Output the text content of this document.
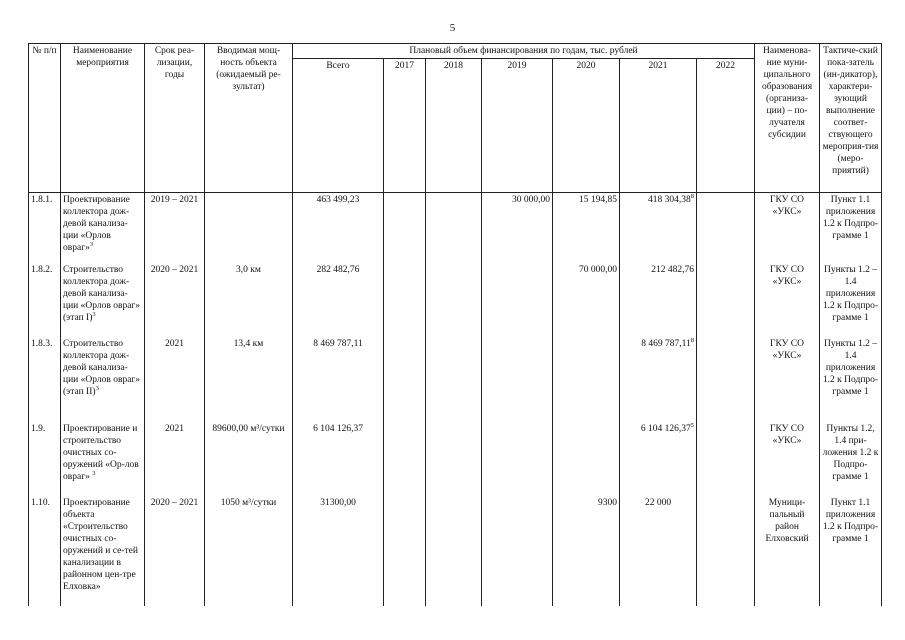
5
№ п/п	Наименование мероприятия	Срок реа-лизации, годы	Вводимая мощ-ность объекта (ожидаемый ре-зультат)	Плановый объем финансирования по годам, тыс. рублей							Наименова-ние муни-ципального образования (организа-ции) – по-лучателя субсидии	Тактиче-ский пока-затель (ин-дикатор), характери-зующий выполнение соответ-ствующего мероприя-тия (меро-приятий)
				Всего	2017	2018	2019	2020	2021	2022		
1.8.1.	Проектирование коллектора дож-девой канализа-ции «Орлов овраг»$^3$	2019 – 2021		463 499,23			30 000,00	15 194,85	418 304,38$^8$		ГКУ СО «УКС»	Пункт 1.1 приложения 1.2 к Подпро-грамме 1
1.8.2.	Строительство коллектора дож-девой канализа-ции «Орлов овраг» (этап I)$^3$	2020 – 2021	3,0 км	282 482,76				70 000,00	212 482,76		ГКУ СО «УКС»	Пункты 1.2 – 1.4 приложения 1.2 к Подпро-грамме 1
1.8.3.	Строительство коллектора дож-девой канализа-ции «Орлов овраг» (этап II)$^3$	2021	13,4 км	8 469 787,11					8 469 787,11$^8$		ГКУ СО «УКС»	Пункты 1.2 – 1.4 приложения 1.2 к Подпро-грамме 1
1.9.	Проектирование и строительство очистных со-оружений «Ор-лов овраг» $^3$	2021	89600,00 м³/сутки	6 104 126,37					6 104 126,37$^5$		ГКУ СО «УКС»	Пункты 1.2, 1.4 при-ложения 1.2 к Подпро-грамме 1
1.10.	Проектирование объекта «Строительство очистных со-оружений и се-тей канализации в районном цен-тре Елховка»	2020 – 2021	1050 м³/сутки	31300,00				9300	22 000		Муници-пальный район Елховский	Пункт 1.1 приложения 1.2 к Подпро-грамме 1
